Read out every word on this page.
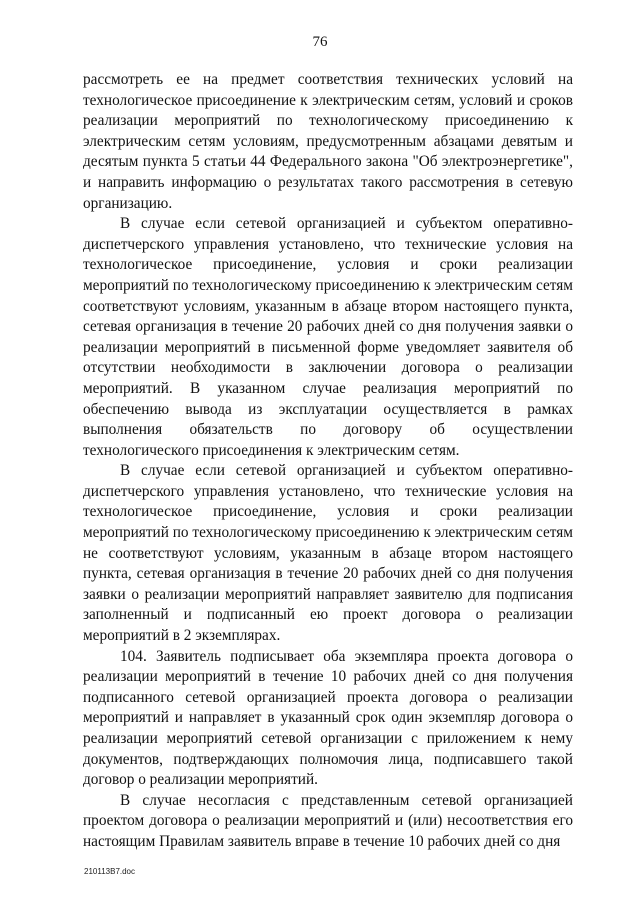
76

рассмотреть ее на предмет соответствия технических условий на технологическое присоединение к электрическим сетям, условий и сроков реализации мероприятий по технологическому присоединению к электрическим сетям условиям, предусмотренным абзацами девятым и десятым пункта 5 статьи 44 Федерального закона "Об электроэнергетике", и направить информацию о результатах такого рассмотрения в сетевую организацию.

В случае если сетевой организацией и субъектом оперативно-диспетчерского управления установлено, что технические условия на технологическое присоединение, условия и сроки реализации мероприятий по технологическому присоединению к электрическим сетям соответствуют условиям, указанным в абзаце втором настоящего пункта, сетевая организация в течение 20 рабочих дней со дня получения заявки о реализации мероприятий в письменной форме уведомляет заявителя об отсутствии необходимости в заключении договора о реализации мероприятий. В указанном случае реализация мероприятий по обеспечению вывода из эксплуатации осуществляется в рамках выполнения обязательств по договору об осуществлении технологического присоединения к электрическим сетям.

В случае если сетевой организацией и субъектом оперативно-диспетчерского управления установлено, что технические условия на технологическое присоединение, условия и сроки реализации мероприятий по технологическому присоединению к электрическим сетям не соответствуют условиям, указанным в абзаце втором настоящего пункта, сетевая организация в течение 20 рабочих дней со дня получения заявки о реализации мероприятий направляет заявителю для подписания заполненный и подписанный ею проект договора о реализации мероприятий в 2 экземплярах.

104. Заявитель подписывает оба экземпляра проекта договора о реализации мероприятий в течение 10 рабочих дней со дня получения подписанного сетевой организацией проекта договора о реализации мероприятий и направляет в указанный срок один экземпляр договора о реализации мероприятий сетевой организации с приложением к нему документов, подтверждающих полномочия лица, подписавшего такой договор о реализации мероприятий.

В случае несогласия с представленным сетевой организацией проектом договора о реализации мероприятий и (или) несоответствия его настоящим Правилам заявитель вправе в течение 10 рабочих дней со дня

210113B7.doc
